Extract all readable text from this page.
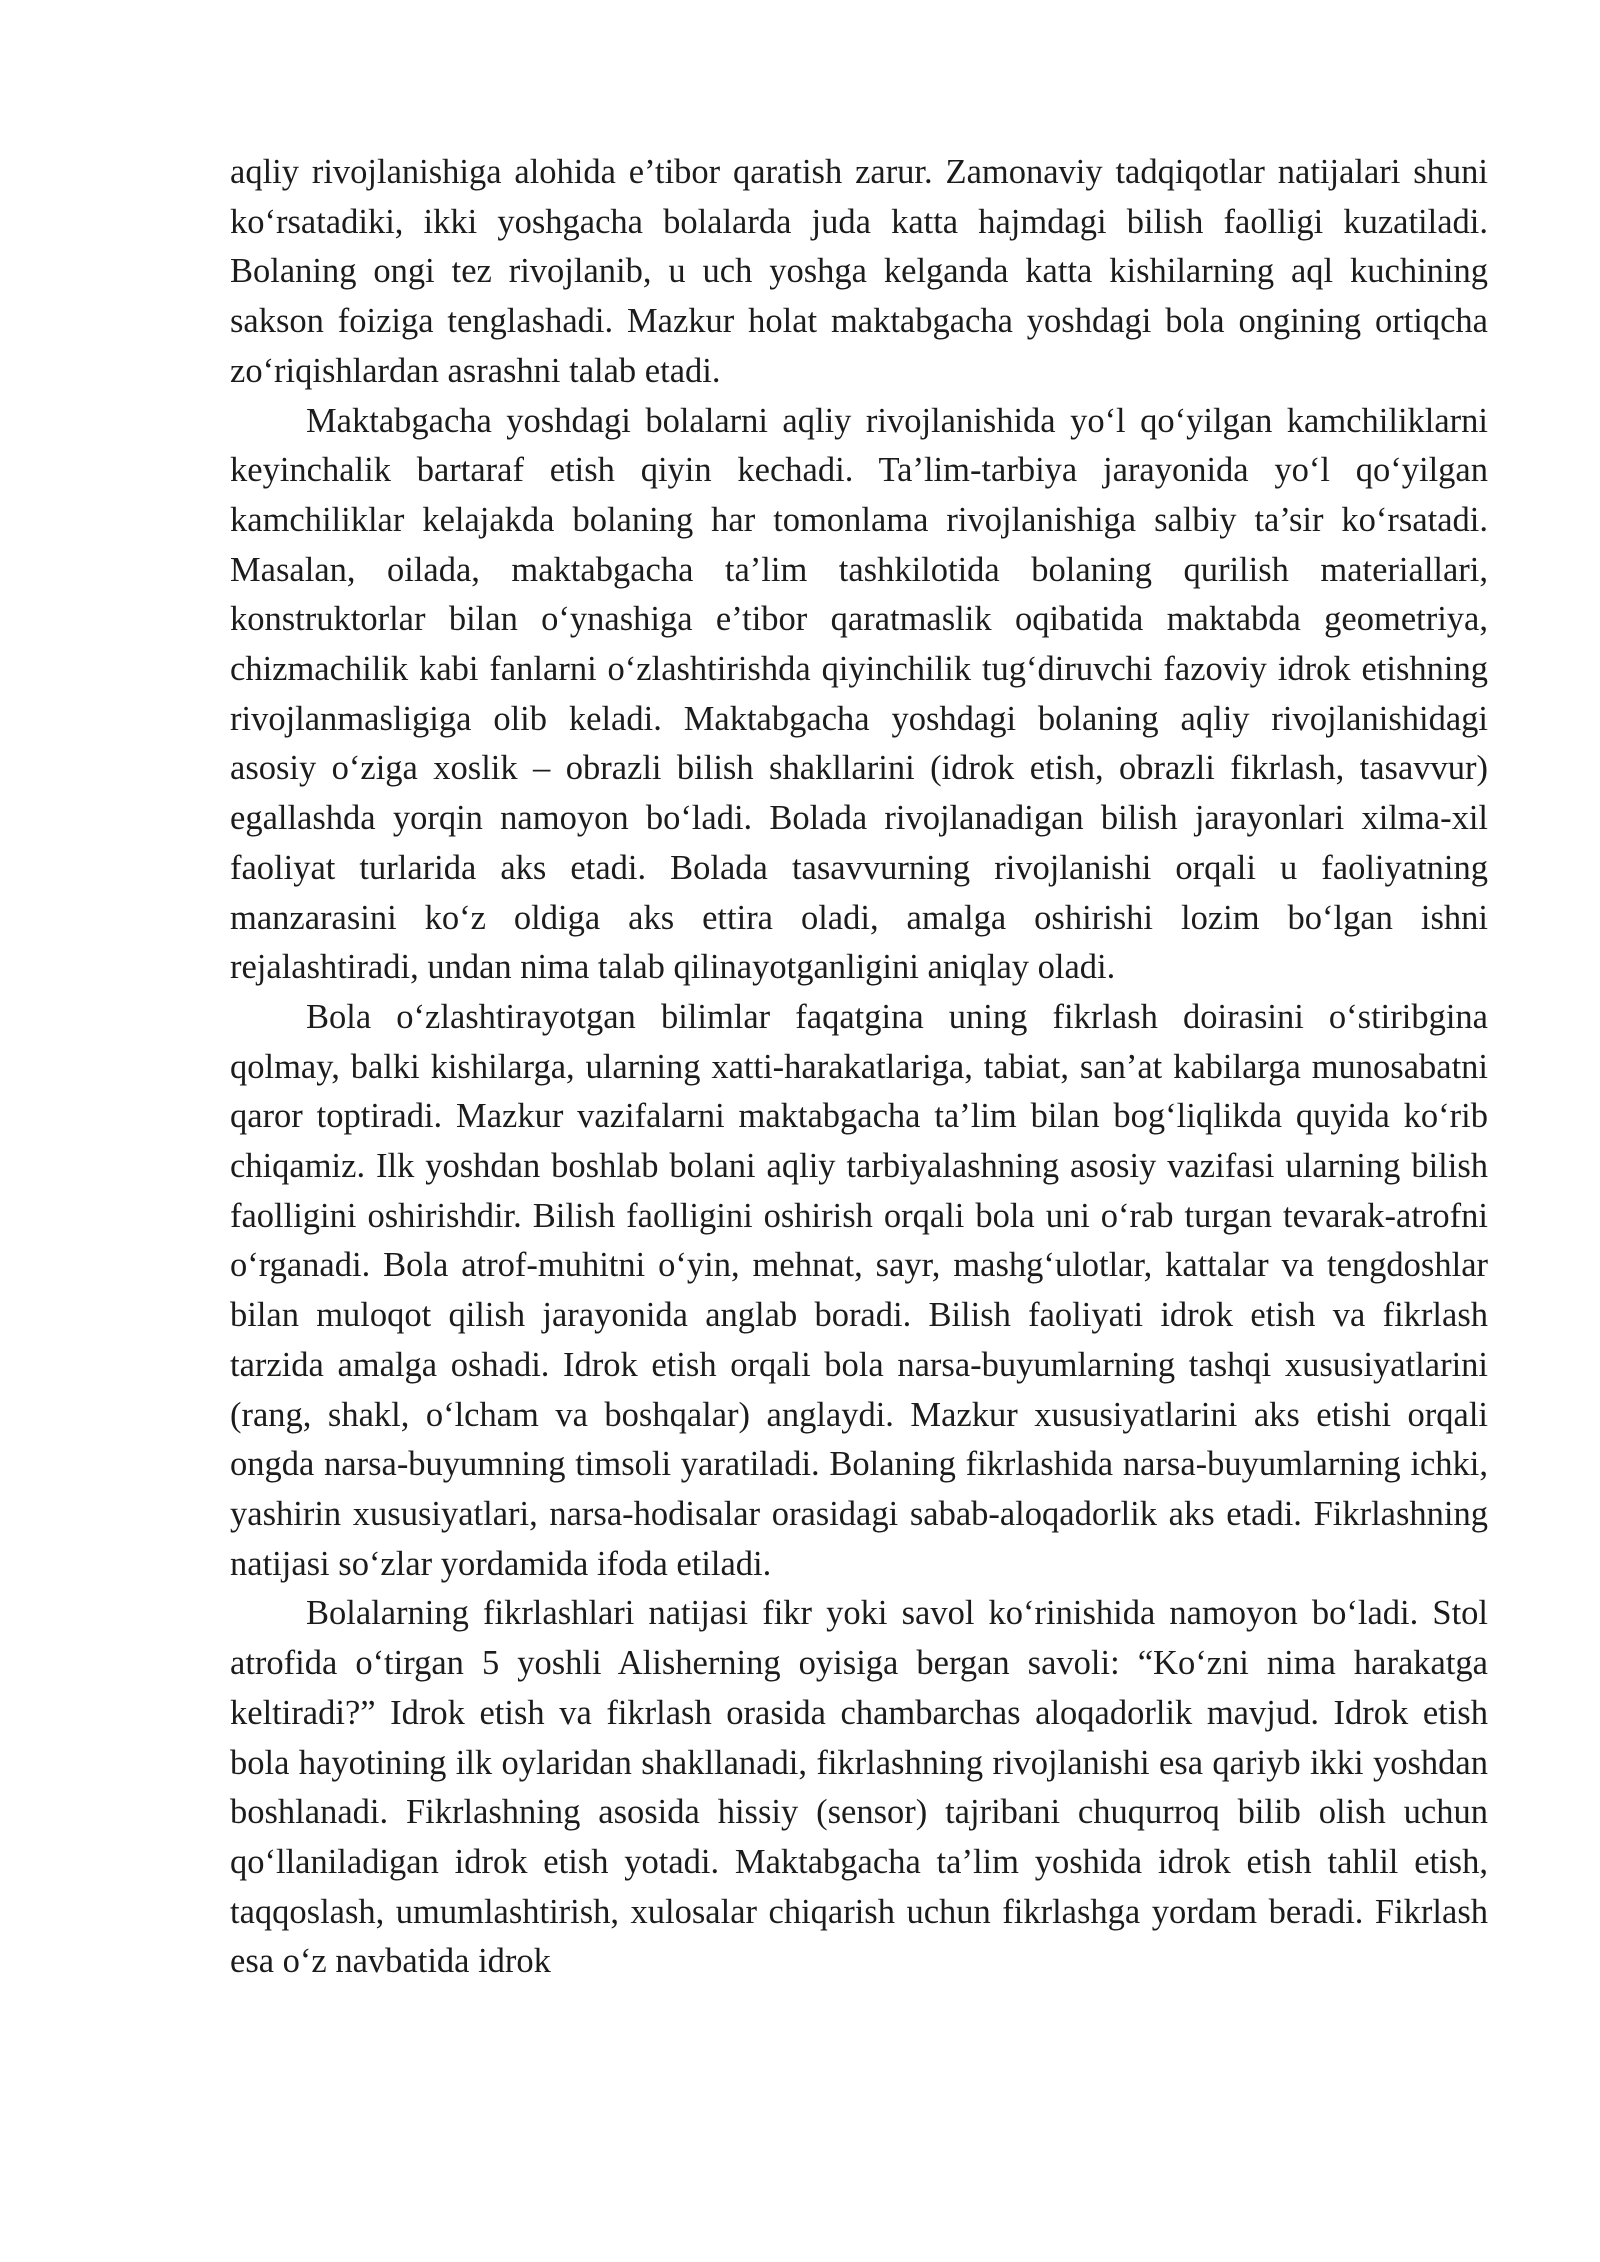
aqliy rivojlanishiga alohida e’tibor qaratish zarur. Zamonaviy tadqiqotlar natijalari shuni ko‘rsatadiki, ikki yoshgacha bolalarda juda katta hajmdagi bilish faolligi kuzatiladi. Bolaning ongi tez rivojlanib, u uch yoshga kelganda katta kishilarning aql kuchining sakson foiziga tenglashadi. Mazkur holat maktabgacha yoshdagi bola ongining ortiqcha zo‘riqishlardan asrashni talab etadi.

Maktabgacha yoshdagi bolalarni aqliy rivojlanishida yo‘l qo‘yilgan kamchiliklarni keyinchalik bartaraf etish qiyin kechadi. Ta’lim-tarbiya jarayonida yo‘l qo‘yilgan kamchiliklar kelajakda bolaning har tomonlama rivojlanishiga salbiy ta’sir ko‘rsatadi. Masalan, oilada, maktabgacha ta’lim tashkilotida bolaning qurilish materiallari, konstruktorlar bilan o‘ynashiga e’tibor qaratmaslik oqibatida maktabda geometriya, chizmachilik kabi fanlarni o‘zlashtirishda qiyinchilik tug‘diruvchi fazoviy idrok etishning rivojlanmasligiga olib keladi. Maktabgacha yoshdagi bolaning aqliy rivojlanishidagi asosiy o‘ziga xoslik – obrazli bilish shakllarini (idrok etish, obrazli fikrlash, tasavvur) egallashda yorqin namoyon bo‘ladi. Bolada rivojlanadigan bilish jarayonlari xilma-xil faoliyat turlarida aks etadi. Bolada tasavvurning rivojlanishi orqali u faoliyatning manzarasini ko‘z oldiga aks ettira oladi, amalga oshirishi lozim bo‘lgan ishni rejalashtiradi, undan nima talab qilinayotganligini aniqlay oladi.

Bola o‘zlashtirayotgan bilimlar faqatgina uning fikrlash doirasini o‘stiribgina qolmay, balki kishilarga, ularning xatti-harakatlariga, tabiat, san’at kabilarga munosabatni qaror toptiradi. Mazkur vazifalarni maktabgacha ta’lim bilan bog‘liqlikda quyida ko‘rib chiqamiz. Ilk yoshdan boshlab bolani aqliy tarbiyalashning asosiy vazifasi ularning bilish faolligini oshirishdir. Bilish faolligini oshirish orqali bola uni o‘rab turgan tevarak-atrofni o‘rganadi. Bola atrof-muhitni o‘yin, mehnat, sayr, mashg‘ulotlar, kattalar va tengdoshlar bilan muloqot qilish jarayonida anglab boradi. Bilish faoliyati idrok etish va fikrlash tarzida amalga oshadi. Idrok etish orqali bola narsa-buyumlarning tashqi xususiyatlarini (rang, shakl, o‘lcham va boshqalar) anglaydi. Mazkur xususiyatlarini aks etishi orqali ongda narsa-buyumning timsoli yaratiladi. Bolaning fikrlashida narsa-buyumlarning ichki, yashirin xususiyatlari, narsa-hodisalar orasidagi sabab-aloqadorlik aks etadi. Fikrlashning natijasi so‘zlar yordamida ifoda etiladi.

Bolalarning fikrlashlari natijasi fikr yoki savol ko‘rinishida namoyon bo‘ladi. Stol atrofida o‘tirgan 5 yoshli Alisherning oyisiga bergan savoli: “Ko‘zni nima harakatga keltiradi?” Idrok etish va fikrlash orasida chambarchas aloqadorlik mavjud. Idrok etish bola hayotining ilk oylaridan shakllanadi, fikrlashning rivojlanishi esa qariyb ikki yoshdan boshlanadi. Fikrlashning asosida hissiy (sensor) tajribani chuqurroq bilib olish uchun qo‘llaniladigan idrok etish yotadi. Maktabgacha ta’lim yoshida idrok etish tahlil etish, taqqoslash, umumlashtirish, xulosalar chiqarish uchun fikrlashga yordam beradi. Fikrlash esa o‘z navbatida idrok
